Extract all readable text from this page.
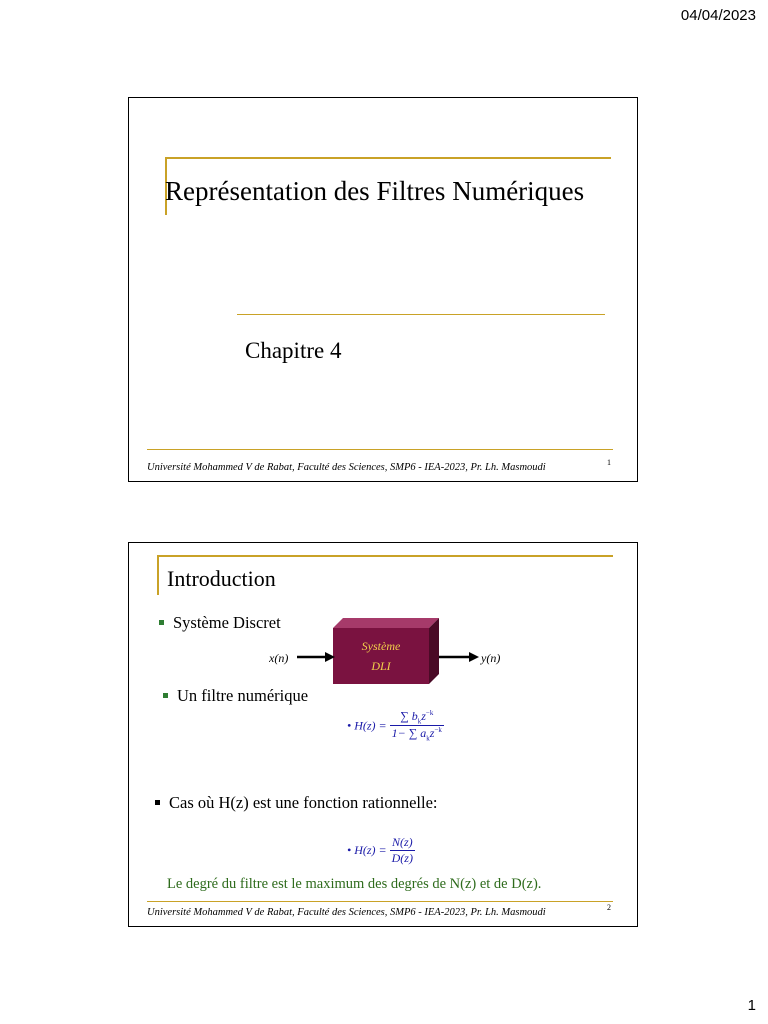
04/04/2023
Représentation des Filtres Numériques
Chapitre 4
Université Mohammed V de Rabat, Faculté des Sciences, SMP6 - IEA-2023, Pr. Lh. Masmoudi	1
Introduction
Système Discret
Système
DLI
x(n)	y(n)
Un filtre numérique
• $H(z) = \frac{\sum b_kz^{-k}}{1- \sum a_kz^{-k}}$
Cas où H(z) est une fonction rationnelle:
• $H(z) = \frac{N(z)}{D(z)}$
Le degré du filtre est le maximum des degrés de N(z) et de D(z).
Université Mohammed V de Rabat, Faculté des Sciences, SMP6 - IEA-2023, Pr. Lh. Masmoudi	2
1
